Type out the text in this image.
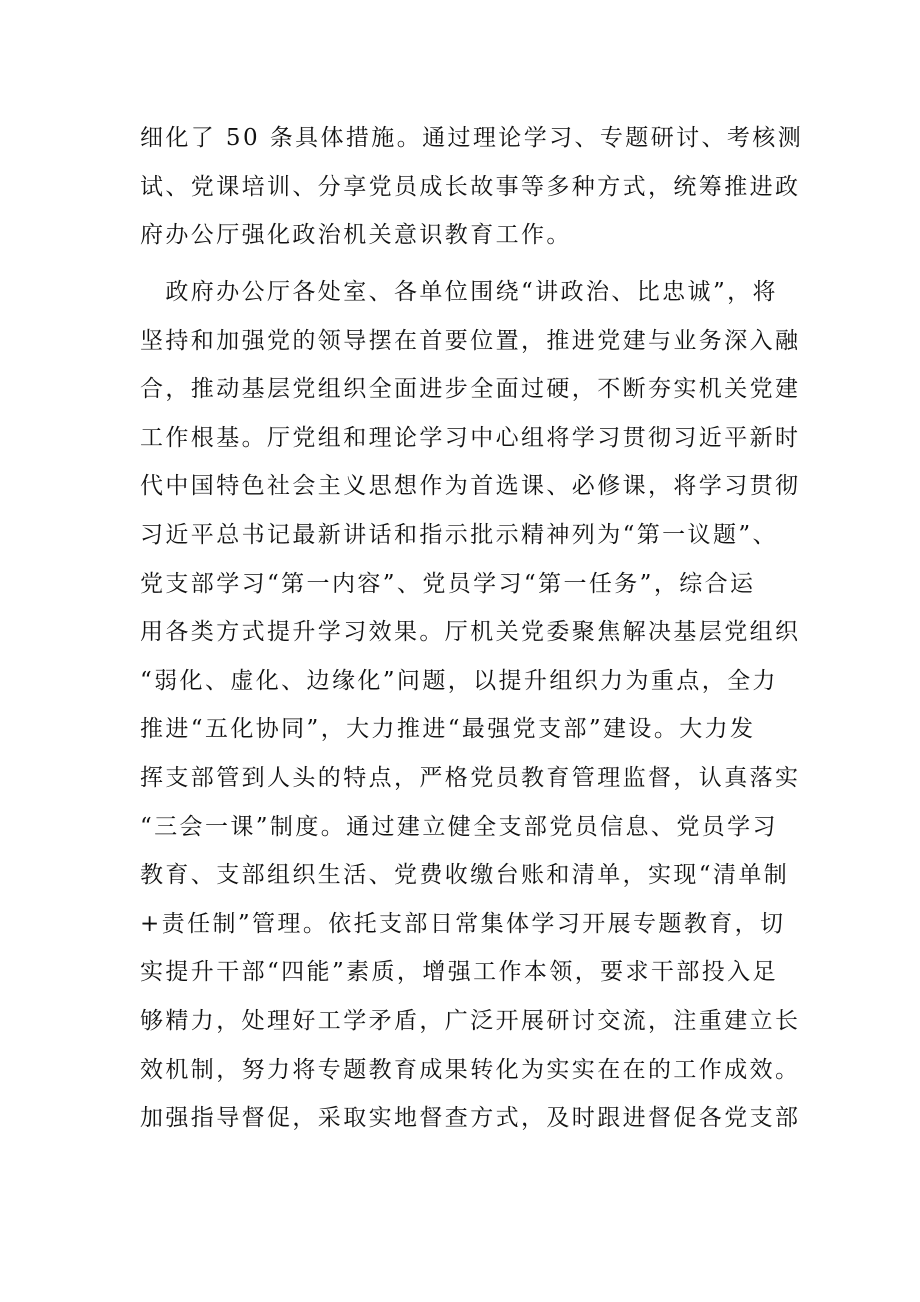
细化了 50 条具体措施。通过理论学习、专题研讨、考核测
试、党课培训、分享党员成长故事等多种方式，统筹推进政
府办公厅强化政治机关意识教育工作。
　政府办公厅各处室、各单位围绕“讲政治、比忠诚”，将
坚持和加强党的领导摆在首要位置，推进党建与业务深入融
合，推动基层党组织全面进步全面过硬，不断夯实机关党建
工作根基。厅党组和理论学习中心组将学习贯彻习近平新时
代中国特色社会主义思想作为首选课、必修课，将学习贯彻
习近平总书记最新讲话和指示批示精神列为“第一议题”、
党支部学习“第一内容”、党员学习“第一任务”，综合运
用各类方式提升学习效果。厅机关党委聚焦解决基层党组织
“弱化、虚化、边缘化”问题，以提升组织力为重点，全力
推进“五化协同”，大力推进“最强党支部”建设。大力发
挥支部管到人头的特点，严格党员教育管理监督，认真落实
“三会一课”制度。通过建立健全支部党员信息、党员学习
教育、支部组织生活、党费收缴台账和清单，实现“清单制
+责任制”管理。依托支部日常集体学习开展专题教育，切
实提升干部“四能”素质，增强工作本领，要求干部投入足
够精力，处理好工学矛盾，广泛开展研讨交流，注重建立长
效机制，努力将专题教育成果转化为实实在在的工作成效。
加强指导督促，采取实地督查方式，及时跟进督促各党支部
